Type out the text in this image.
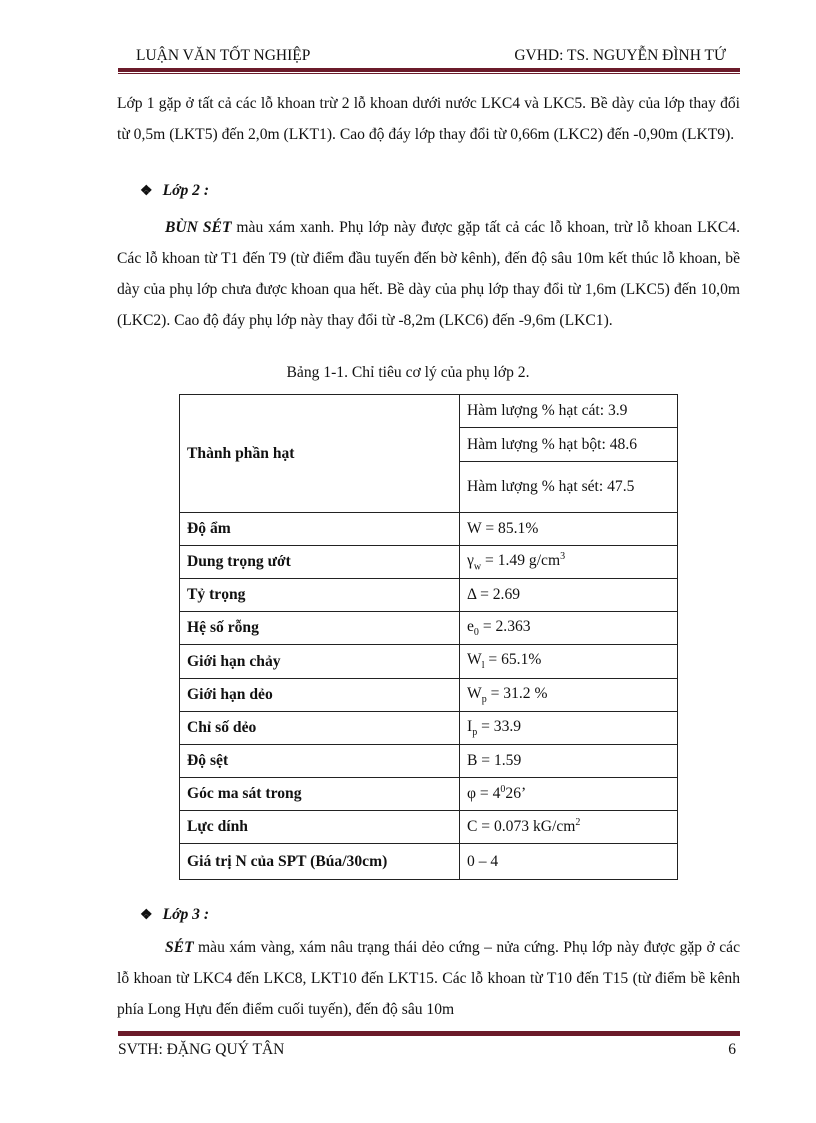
LUẬN VĂN TỐT NGHIỆP	GVHD: TS. NGUYỄN ĐÌNH TỨ

Lớp 1 gặp ở tất cả các lỗ khoan trừ 2 lỗ khoan dưới nước LKC4 và LKC5. Bề dày của lớp thay đổi từ 0,5m (LKT5) đến 2,0m (LKT1). Cao độ đáy lớp thay đổi từ 0,66m (LKC2) đến -0,90m (LKT9).

❖ Lớp 2 :

BÙN SÉT màu xám xanh. Phụ lớp này được gặp tất cả các lỗ khoan, trừ lỗ khoan LKC4. Các lỗ khoan từ T1 đến T9 (từ điểm đầu tuyến đến bờ kênh), đến độ sâu 10m kết thúc lỗ khoan, bề dày của phụ lớp chưa được khoan qua hết. Bề dày của phụ lớp thay đổi từ 1,6m (LKC5) đến 10,0m (LKC2). Cao độ đáy phụ lớp này thay đổi từ -8,2m (LKC6) đến -9,6m (LKC1).

Bảng 1-1. Chỉ tiêu cơ lý của phụ lớp 2.
Thành phần hạt	Hàm lượng % hạt cát: 3.9
	Hàm lượng % hạt bột: 48.6
	Hàm lượng % hạt sét: 47.5
Độ ẩm	W = 85.1%
Dung trọng ướt	$\gamma_w = 1.49$ $g/cm^3$
Tỷ trọng	Δ = 2.69
Hệ số rỗng	$e_0 = 2.363$
Giới hạn chảy	$W_l = 65.1\%$
Giới hạn dẻo	$W_p = 31.2$ %
Chỉ số dẻo	$I_p = 33.9$
Độ sệt	B = 1.59
Góc ma sát trong	$\varphi = 4^026$’
Lực dính	C = 0.073 $kG/cm^2$
Giá trị N của SPT (Búa/30cm)	0 – 4
❖ Lớp 3 :

SÉT màu xám vàng, xám nâu trạng thái dẻo cứng – nửa cứng. Phụ lớp này được gặp ở các lỗ khoan từ LKC4 đến LKC8, LKT10 đến LKT15. Các lỗ khoan từ T10 đến T15 (từ điểm bề kênh phía Long Hựu đến điểm cuối tuyến), đến độ sâu 10m

SVTH: ĐẶNG QUÝ TÂN	6
